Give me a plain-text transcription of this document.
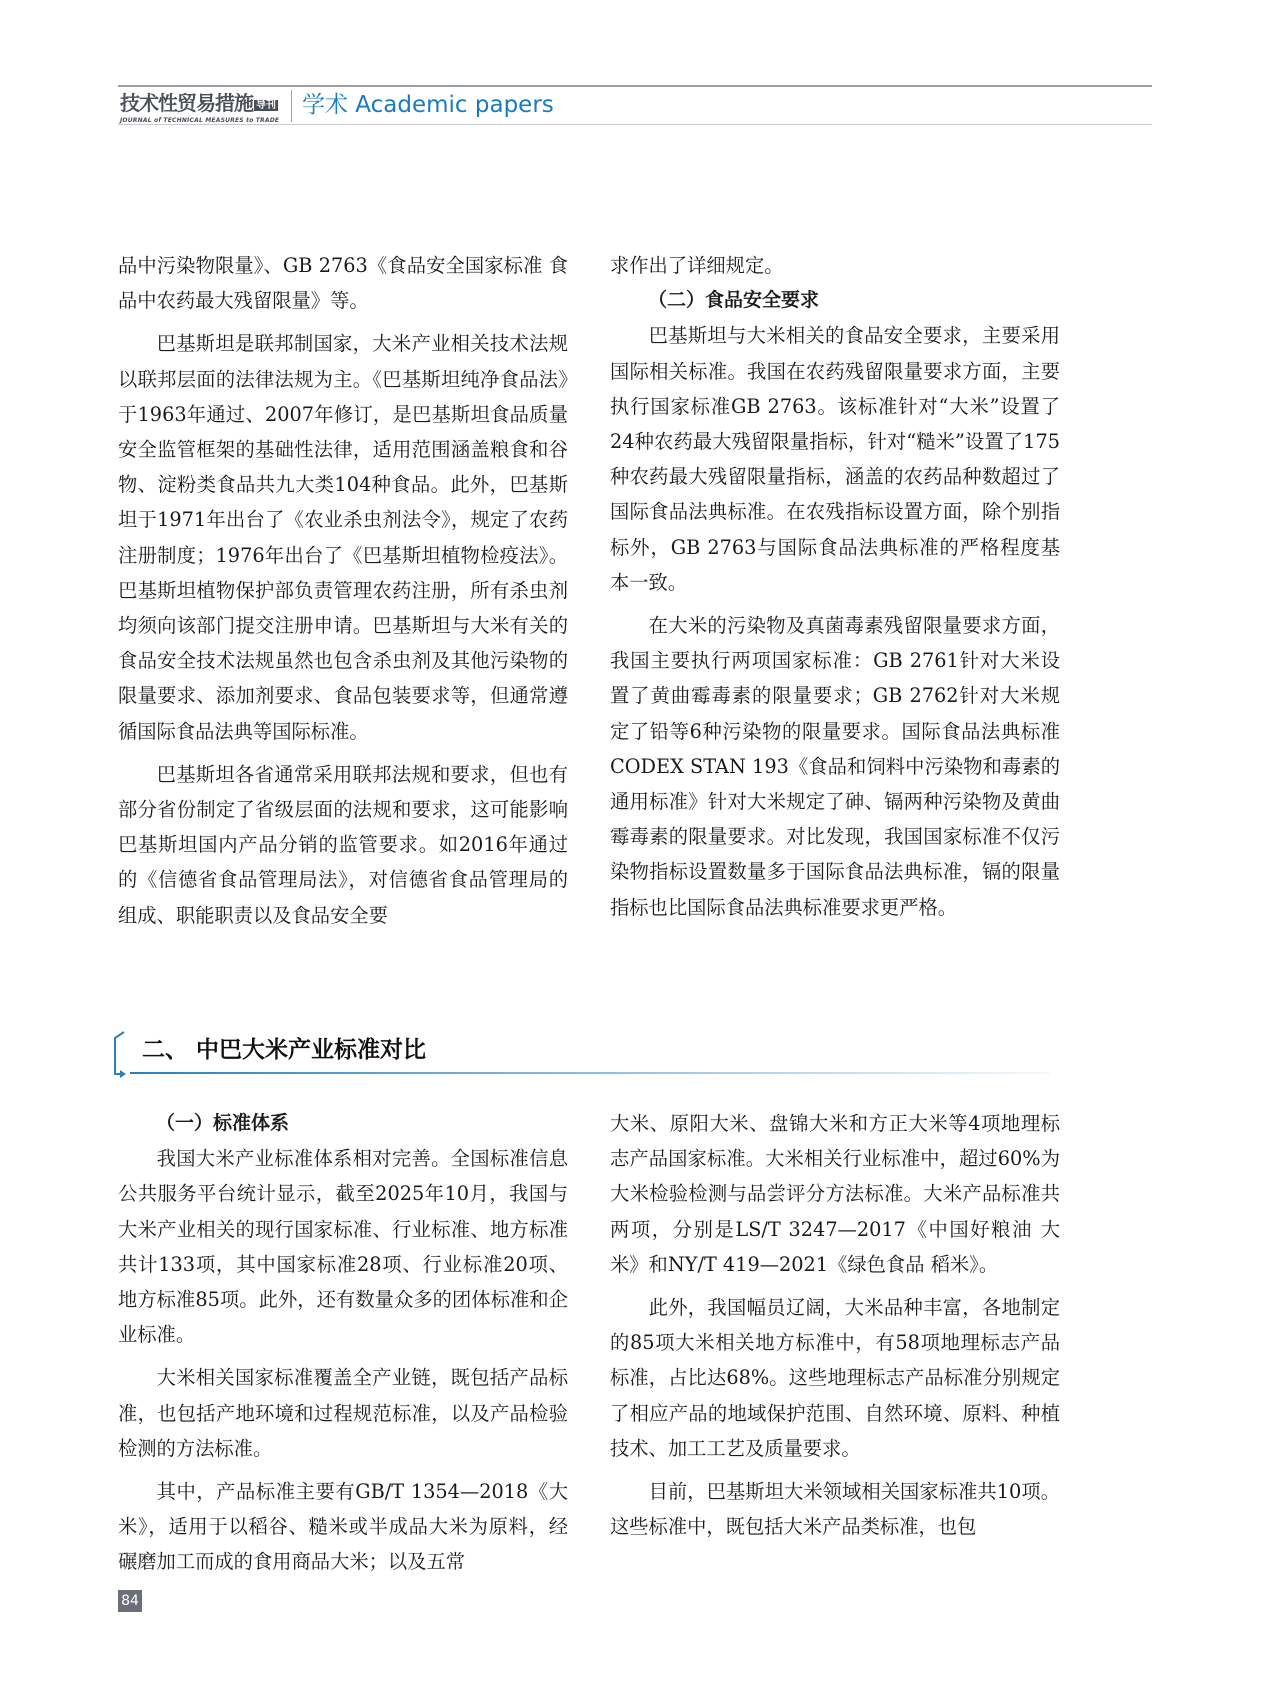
技术性贸易措施 导刊
JOURNAL of TECHNICAL MEASURES to TRADE
学术 Academic papers

品中污染物限量》、GB 2763《食品安全国家标准 食品中农药最大残留限量》等。

巴基斯坦是联邦制国家，大米产业相关技术法规以联邦层面的法律法规为主。《巴基斯坦纯净食品法》于1963年通过、2007年修订，是巴基斯坦食品质量安全监管框架的基础性法律，适用范围涵盖粮食和谷物、淀粉类食品共九大类104种食品。此外，巴基斯坦于1971年出台了《农业杀虫剂法令》，规定了农药注册制度；1976年出台了《巴基斯坦植物检疫法》。巴基斯坦植物保护部负责管理农药注册，所有杀虫剂均须向该部门提交注册申请。巴基斯坦与大米有关的食品安全技术法规虽然也包含杀虫剂及其他污染物的限量要求、添加剂要求、食品包装要求等，但通常遵循国际食品法典等国际标准。

巴基斯坦各省通常采用联邦法规和要求，但也有部分省份制定了省级层面的法规和要求，这可能影响巴基斯坦国内产品分销的监管要求。如2016年通过的《信德省食品管理局法》，对信德省食品管理局的组成、职能职责以及食品安全要

求作出了详细规定。

（二）食品安全要求

巴基斯坦与大米相关的食品安全要求，主要采用国际相关标准。我国在农药残留限量要求方面，主要执行国家标准GB 2763。该标准针对“大米”设置了24种农药最大残留限量指标，针对“糙米”设置了175种农药最大残留限量指标，涵盖的农药品种数超过了国际食品法典标准。在农残指标设置方面，除个别指标外，GB 2763与国际食品法典标准的严格程度基本一致。

在大米的污染物及真菌毒素残留限量要求方面，我国主要执行两项国家标准：GB 2761针对大米设置了黄曲霉毒素的限量要求；GB 2762针对大米规定了铅等6种污染物的限量要求。国际食品法典标准CODEX STAN 193《食品和饲料中污染物和毒素的通用标准》针对大米规定了砷、镉两种污染物及黄曲霉毒素的限量要求。对比发现，我国国家标准不仅污染物指标设置数量多于国际食品法典标准，镉的限量指标也比国际食品法典标准要求更严格。

二、 中巴大米产业标准对比

（一）标准体系

我国大米产业标准体系相对完善。全国标准信息公共服务平台统计显示，截至2025年10月，我国与大米产业相关的现行国家标准、行业标准、地方标准共计133项，其中国家标准28项、行业标准20项、地方标准85项。此外，还有数量众多的团体标准和企业标准。

大米相关国家标准覆盖全产业链，既包括产品标准，也包括产地环境和过程规范标准，以及产品检验检测的方法标准。

其中，产品标准主要有GB/T 1354—2018《大米》，适用于以稻谷、糙米或半成品大米为原料，经碾磨加工而成的食用商品大米；以及五常

大米、原阳大米、盘锦大米和方正大米等4项地理标志产品国家标准。大米相关行业标准中，超过60%为大米检验检测与品尝评分方法标准。大米产品标准共两项，分别是LS/T 3247—2017《中国好粮油 大米》和NY/T 419—2021《绿色食品 稻米》。

此外，我国幅员辽阔，大米品种丰富，各地制定的85项大米相关地方标准中，有58项地理标志产品标准，占比达68%。这些地理标志产品标准分别规定了相应产品的地域保护范围、自然环境、原料、种植技术、加工工艺及质量要求。

目前，巴基斯坦大米领域相关国家标准共10项。这些标准中，既包括大米产品类标准，也包

84
